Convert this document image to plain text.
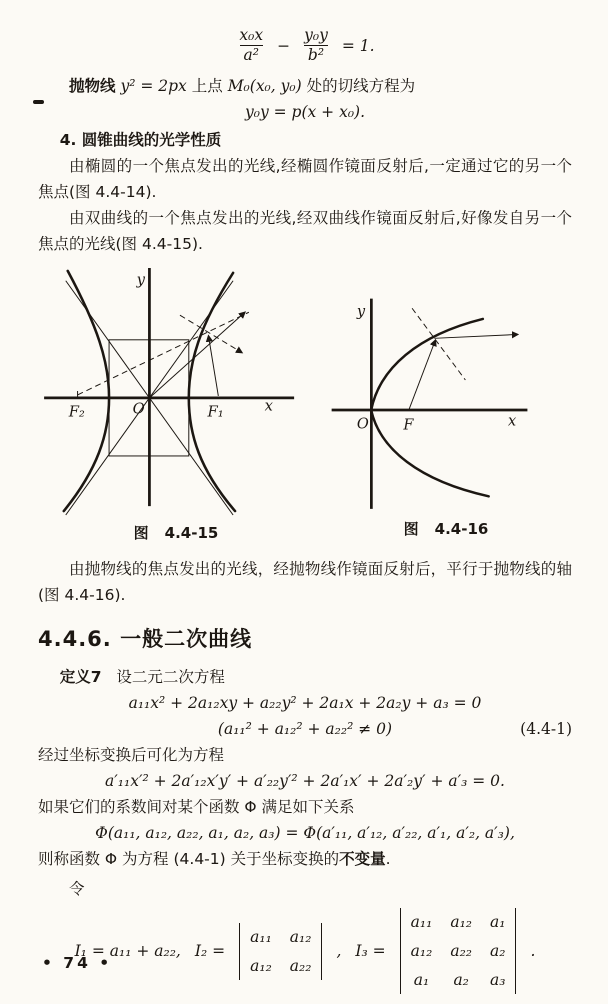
$\frac{\text{x₀x}}{\text{a²}} - \frac{\text{y₀y}}{\text{b²}} = 1$.
抛物线 y² = 2px 上点 M₀(x₀, y₀) 处的切线方程为
y₀y = p(x + x₀).
4. 圆锥曲线的光学性质
由椭圆的一个焦点发出的光线,经椭圆作镜面反射后,一定通过它的另一个
焦点(图 4.4-14).
由双曲线的一个焦点发出的光线,经双曲线作镜面反射后,好像发自另一个
焦点的光线(图 4.4-15).
y
x
O
F₂	F₁
图 4.4-15
y
x
O F
图 4.4-16
由抛物线的焦点发出的光线，经抛物线作镜面反射后，平行于抛物线的轴
(图 4.4-16).
4.4.6. 一般二次曲线
定义7 设二元二次方程
a₁₁x² + 2a₁₂xy + a₂₂y² + 2a₁x + 2a₂y + a₃ = 0
(a₁₁² + a₁₂² + a₂₂² ≠ 0)	(4.4-1)
经过坐标变换后可化为方程
a′₁₁x′² + 2a′₁₂x′y′ + a′₂₂y′² + 2a′₁x′ + 2a′₂y′ + a′₃ = 0.
如果它们的系数间对某个函数 Φ 满足如下关系
Φ(a₁₁, a₁₂, a₂₂, a₁, a₂, a₃) = Φ(a′₁₁, a′₁₂, a′₂₂, a′₁, a′₂, a′₃),
则称函数 Φ 为方程 (4.4-1) 关于坐标变换的不变量.
令
I₁ = a₁₁ + a₂₂, I₂ =
a₁₁ a₁₂
a₁₂ a₂₂
, I₃ =
a₁₁ a₁₂ a₁
a₁₂ a₂₂ a₂
a₁ a₂ a₃
.
• 74 •
